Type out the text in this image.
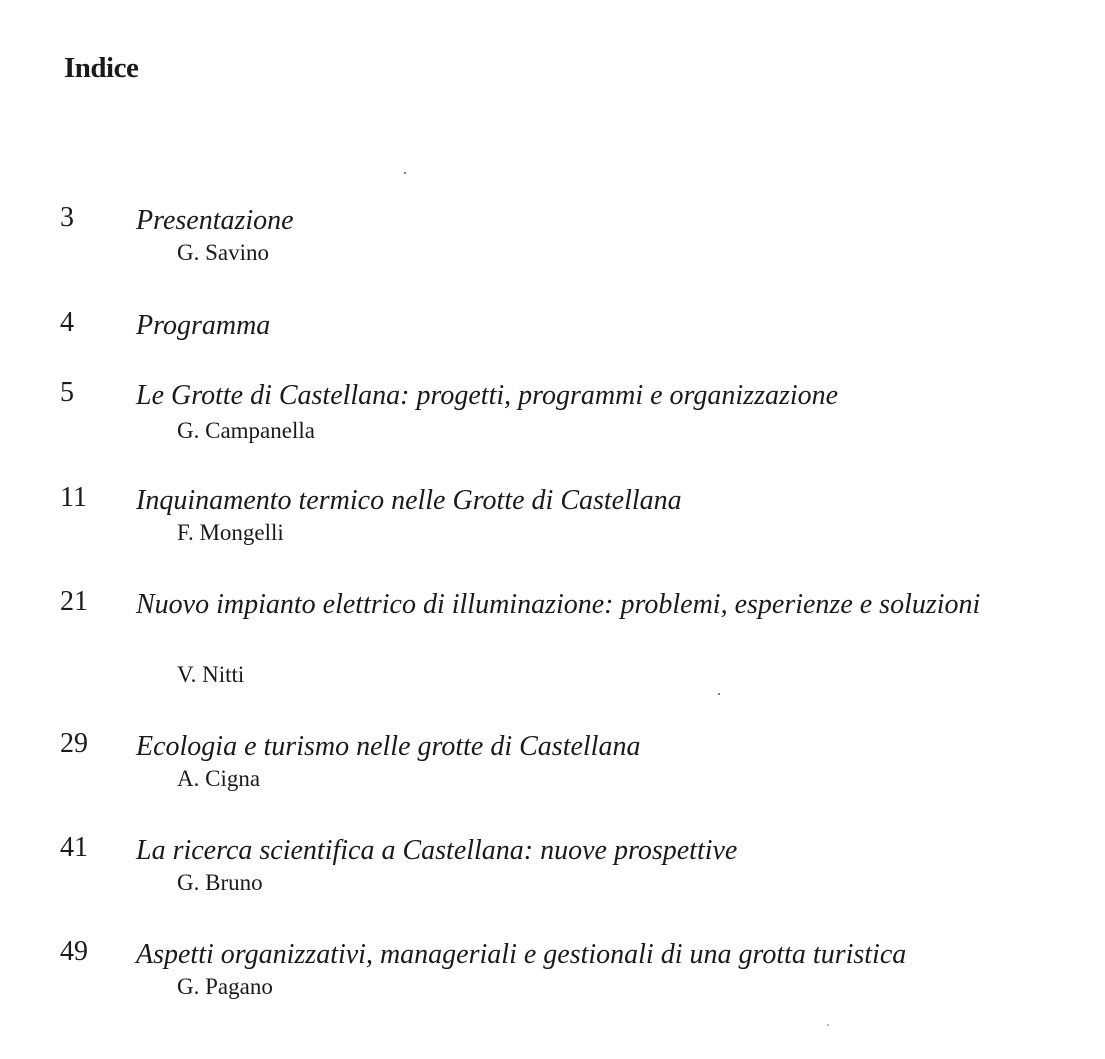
Indice
3 Presentazione
G. Savino
4 Programma
5 Le Grotte di Castellana: progetti, programmi e organizzazione
G. Campanella
11 Inquinamento termico nelle Grotte di Castellana
F. Mongelli
21 Nuovo impianto elettrico di illuminazione: problemi, esperienze e soluzioni
V. Nitti
29 Ecologia e turismo nelle grotte di Castellana
A. Cigna
41 La ricerca scientifica a Castellana: nuove prospettive
G. Bruno
49 Aspetti organizzativi, manageriali e gestionali di una grotta turistica
G. Pagano
